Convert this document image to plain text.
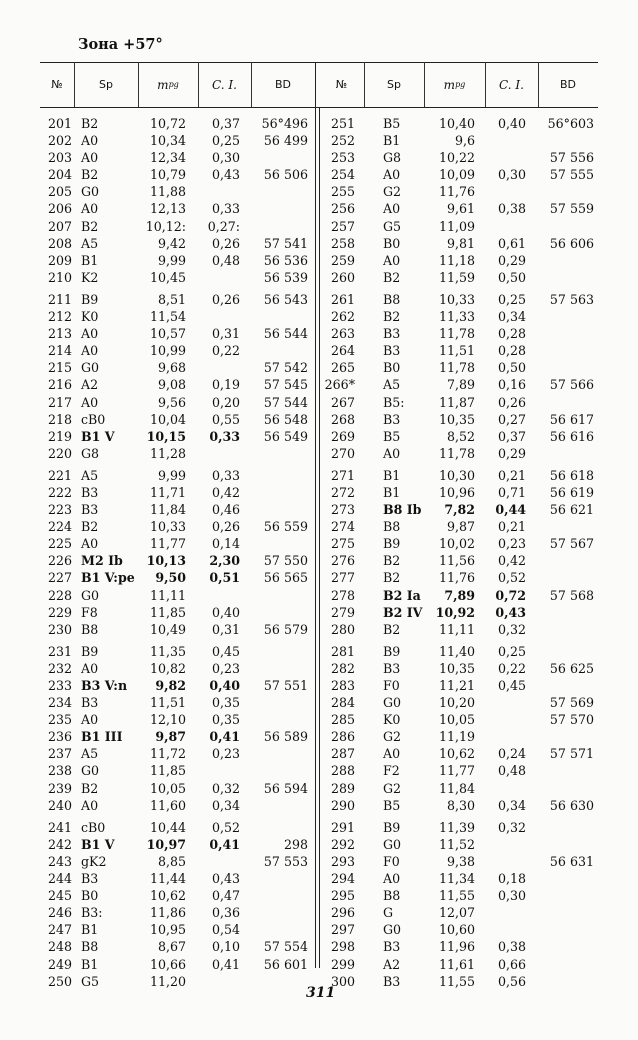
Зона +57°
№	Sp	m pg	C. I.	BD	№	Sp	m pg	C. I.	BD
201 B2	10,72	0,37	56°496	251 B5	10,40	0,40	56°603
202 A0	10,34	0,25	56 499	252 B1	9,6
203 A0	12,34	0,30	253 G8	10,22	57 556
204 B2	10,79	0,43	56 506	254 A0	10,09	0,30	57 555
205 G0	11,88	255 G2	11,76
206 A0	12,13	0,33	256 A0	9,61	0,38	57 559
207 B2	10,12:	0,27:	257 G5	11,09
208 A5	9,42	0,26	57 541	258 B0	9,81	0,61	56 606
209 B1	9,99	0,48	56 536	259 A0	11,18	0,29
210 K2	10,45	56 539	260 B2	11,59	0,50
211 B9	8,51	0,26	56 543	261 B8	10,33	0,25	57 563
212 K0	11,54	262 B2	11,33	0,34
213 A0	10,57	0,31	56 544	263 B3	11,78	0,28
214 A0	10,99	0,22	264 B3	11,51	0,28
215 G0	9,68	57 542	265 B0	11,78	0,50
216 A2	9,08	0,19	57 545	266* A5	7,89	0,16	57 566
217 A0	9,56	0,20	57 544	267 B5:	11,87	0,26
218 cB0	10,04	0,55	56 548	268 B3	10,35	0,27	56 617
219 B1 V	10,15	0,33	56 549	269 B5	8,52	0,37	56 616
220 G8	11,28	270 A0	11,78	0,29
221 A5	9,99	0,33	271 B1	10,30	0,21	56 618
222 B3	11,71	0,42	272 B1	10,96	0,71	56 619
223 B3	11,84	0,46	273 B8 Ib	7,82	0,44	56 621
224 B2	10,33	0,26	56 559	274 B8	9,87	0,21
225 A0	11,77	0,14	275 B9	10,02	0,23	57 567
226 M2 Ib	10,13	2,30	57 550	276 B2	11,56	0,42
227 B1 V:pe	9,50	0,51	56 565	277 B2	11,76	0,52
228 G0	11,11	278 B2 Ia	7,89	0,72	57 568
229 F8	11,85	0,40	279 B2 IV	10,92	0,43
230 B8	10,49	0,31	56 579	280 B2	11,11	0,32
231 B9	11,35	0,45	281 B9	11,40	0,25
232 A0	10,82	0,23	282 B3	10,35	0,22	56 625
233 B3 V:n	9,82	0,40	57 551	283 F0	11,21	0,45
234 B3	11,51	0,35	284 G0	10,20	57 569
235 A0	12,10	0,35	285 K0	10,05	57 570
236 B1 III	9,87	0,41	56 589	286 G2	11,19
237 A5	11,72	0,23	287 A0	10,62	0,24	57 571
238 G0	11,85	288 F2	11,77	0,48
239 B2	10,05	0,32	56 594	289 G2	11,84
240 A0	11,60	0,34	290 B5	8,30	0,34	56 630
241 cB0	10,44	0,52	291 B9	11,39	0,32
242 B1 V	10,97	0,41	298	292 G0	11,52
243 gK2	8,85	57 553	293 F0	9,38	56 631
244 B3	11,44	0,43	294 A0	11,34	0,18
245 B0	10,62	0,47	295 B8	11,55	0,30
246 B3:	11,86	0,36	296 G	12,07
247 B1	10,95	0,54	297 G0	10,60
248 B8	8,67	0,10	57 554	298 B3	11,96	0,38
249 B1	10,66	0,41	56 601	299 A2	11,61	0,66
250 G5	11,20	300 B3	11,55	0,56
311
